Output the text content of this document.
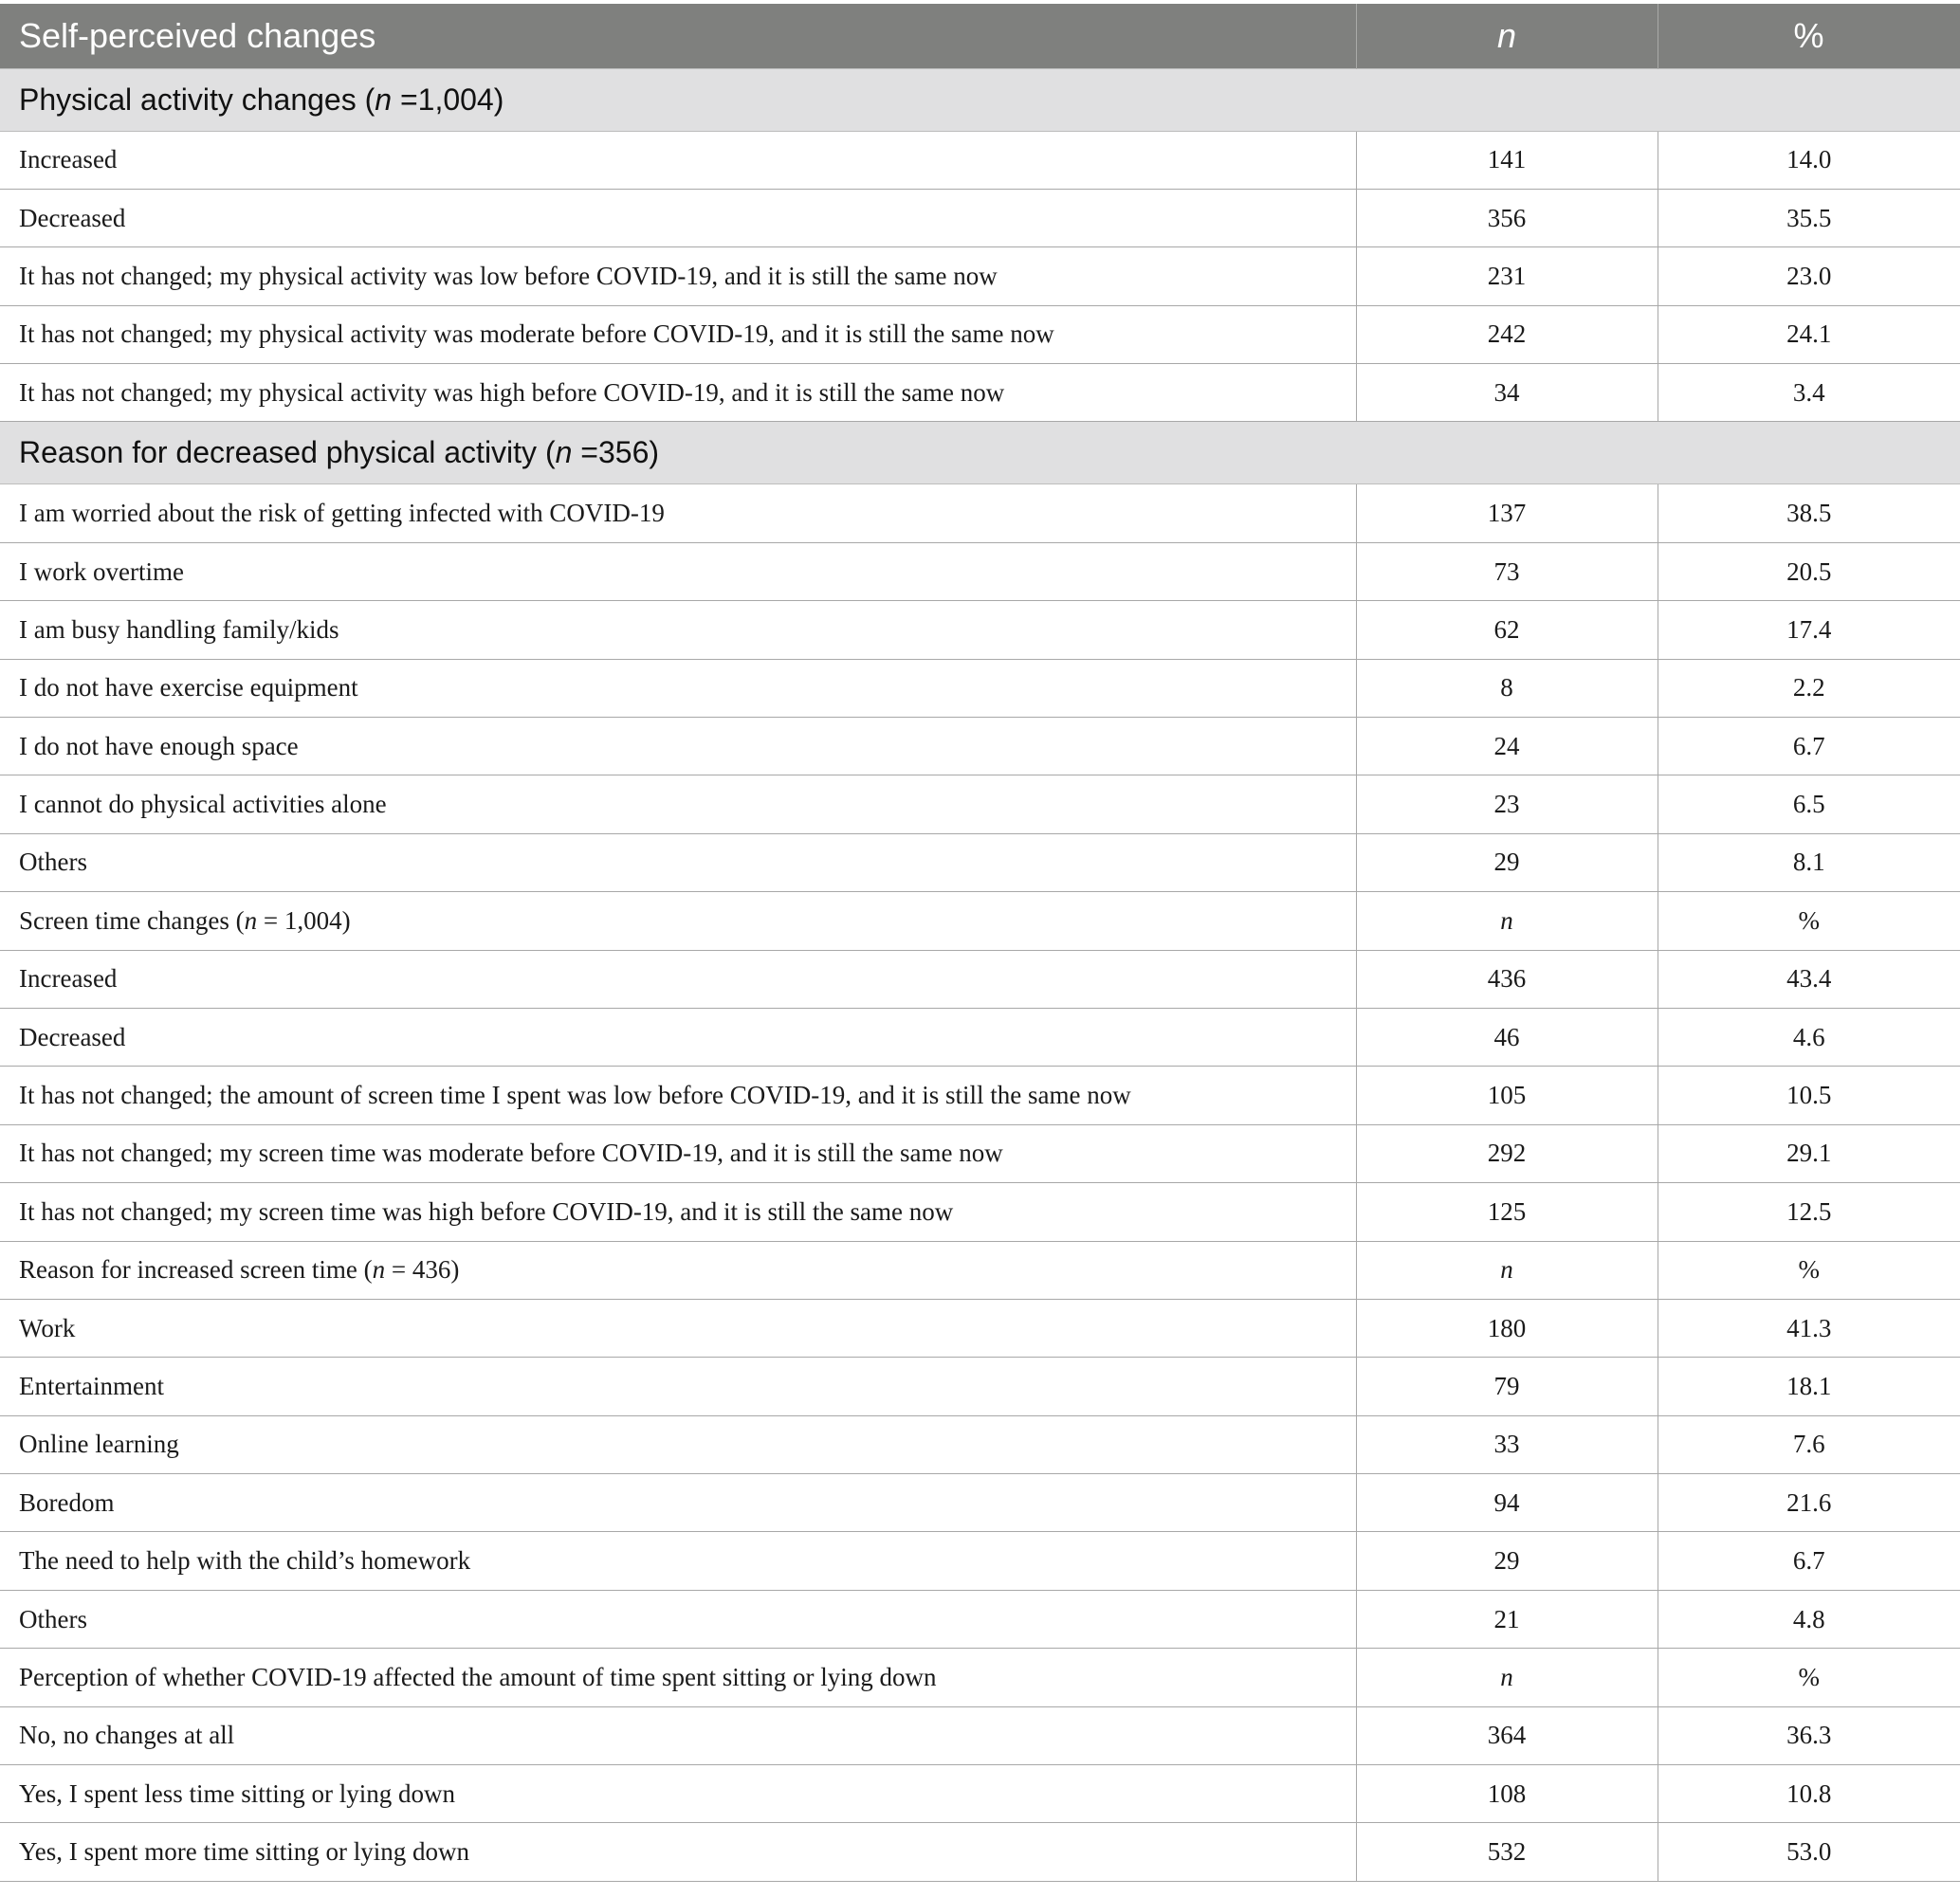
Self-perceived changes	n	%
Physical activity changes (n =1,004)		
Increased	141	14.0
Decreased	356	35.5
It has not changed; my physical activity was low before COVID-19, and it is still the same now	231	23.0
It has not changed; my physical activity was moderate before COVID-19, and it is still the same now	242	24.1
It has not changed; my physical activity was high before COVID-19, and it is still the same now	34	3.4
Reason for decreased physical activity (n =356)		
I am worried about the risk of getting infected with COVID-19	137	38.5
I work overtime	73	20.5
I am busy handling family/kids	62	17.4
I do not have exercise equipment	8	2.2
I do not have enough space	24	6.7
I cannot do physical activities alone	23	6.5
Others	29	8.1
Screen time changes (n = 1,004)	n	%
Increased	436	43.4
Decreased	46	4.6
It has not changed; the amount of screen time I spent was low before COVID-19, and it is still the same now	105	10.5
It has not changed; my screen time was moderate before COVID-19, and it is still the same now	292	29.1
It has not changed; my screen time was high before COVID-19, and it is still the same now	125	12.5
Reason for increased screen time (n = 436)	n	%
Work	180	41.3
Entertainment	79	18.1
Online learning	33	7.6
Boredom	94	21.6
The need to help with the child’s homework	29	6.7
Others	21	4.8
Perception of whether COVID-19 affected the amount of time spent sitting or lying down	n	%
No, no changes at all	364	36.3
Yes, I spent less time sitting or lying down	108	10.8
Yes, I spent more time sitting or lying down	532	53.0
